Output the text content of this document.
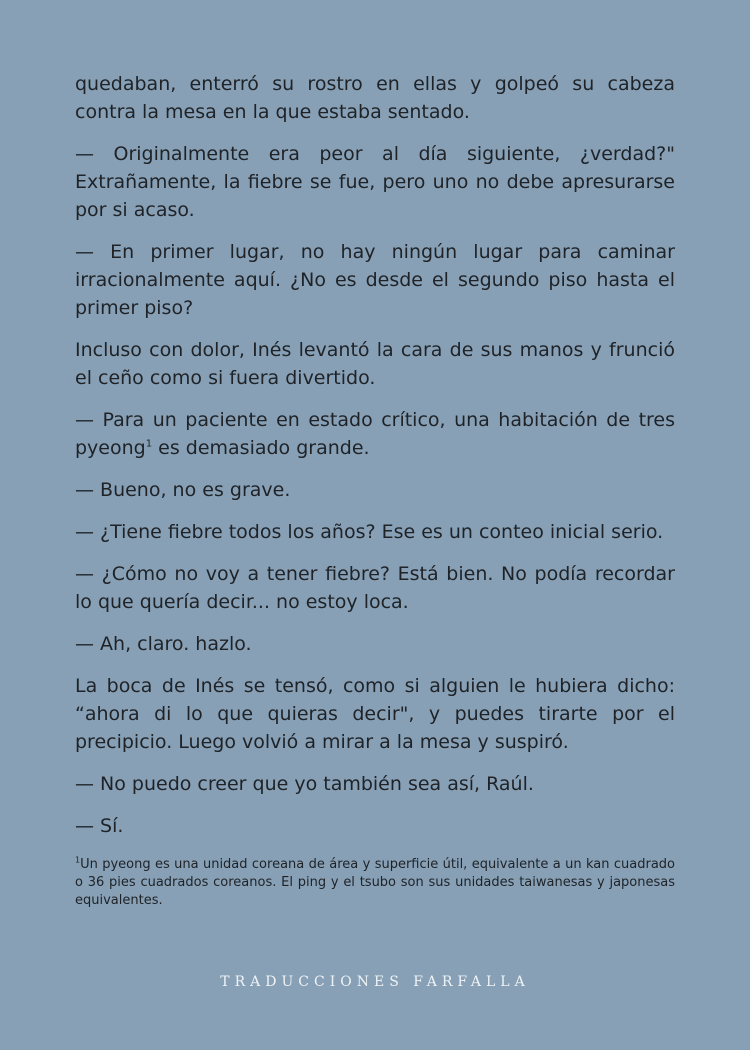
quedaban, enterró su rostro en ellas y golpeó su cabeza contra la mesa en la que estaba sentado.

— Originalmente era peor al día siguiente, ¿verdad?" Extrañamente, la fiebre se fue, pero uno no debe apresurarse por si acaso.

— En primer lugar, no hay ningún lugar para caminar irracionalmente aquí. ¿No es desde el segundo piso hasta el primer piso?

Incluso con dolor, Inés levantó la cara de sus manos y frunció el ceño como si fuera divertido.

— Para un paciente en estado crítico, una habitación de tres pyeong$^1$ es demasiado grande.

— Bueno, no es grave.

— ¿Tiene fiebre todos los años? Ese es un conteo inicial serio.

— ¿Cómo no voy a tener fiebre? Está bien. No podía recordar lo que quería decir... no estoy loca.

— Ah, claro. hazlo.

La boca de Inés se tensó, como si alguien le hubiera dicho: “ahora di lo que quieras decir", y puedes tirarte por el precipicio. Luego volvió a mirar a la mesa y suspiró.

— No puedo creer que yo también sea así, Raúl.

— Sí.

$^1$Un pyeong es una unidad coreana de área y superficie útil, equivalente a un kan cuadrado o 36 pies cuadrados coreanos. El ping y el tsubo son sus unidades taiwanesas y japonesas equivalentes.
TRADUCCIONES FARFALLA
